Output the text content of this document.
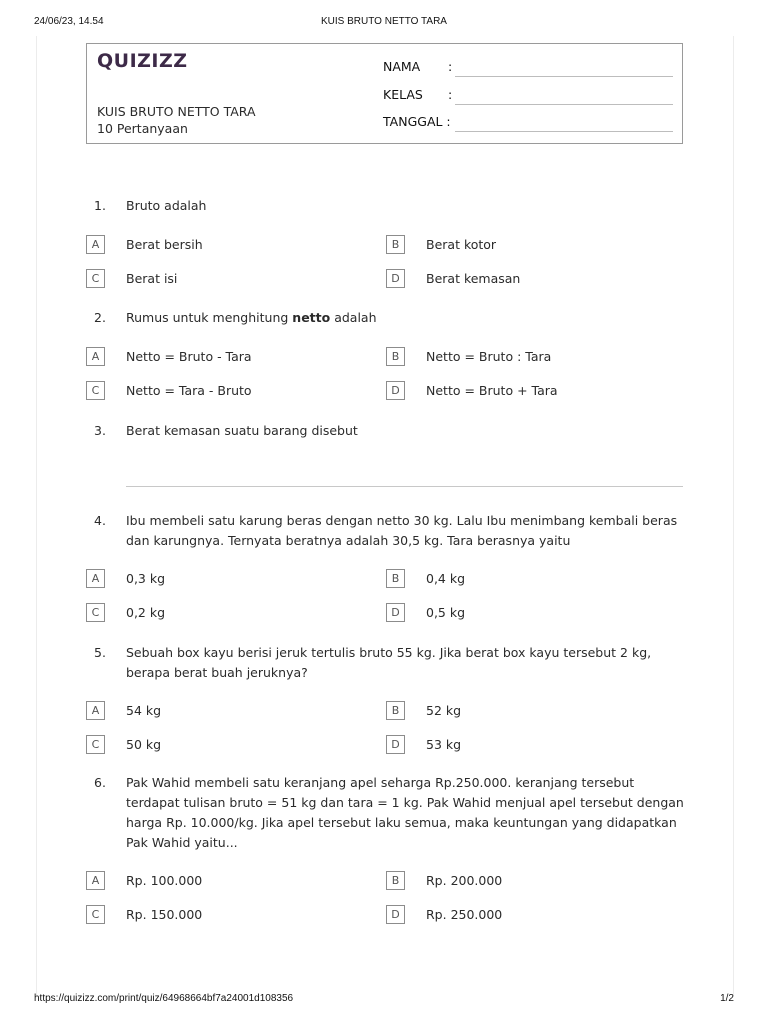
24/06/23, 14.54	KUIS BRUTO NETTO TARA
QUIZIZZ
KUIS BRUTO NETTO TARA
10 Pertanyaan
NAMA :
KELAS :
TANGGAL :
1. Bruto adalah
A	Berat bersih	B	Berat kotor
C	Berat isi	D	Berat kemasan
2. Rumus untuk menghitung netto adalah
A	Netto = Bruto - Tara	B	Netto = Bruto : Tara
C	Netto = Tara - Bruto	D	Netto = Bruto + Tara
3. Berat kemasan suatu barang disebut
4. Ibu membeli satu karung beras dengan netto 30 kg. Lalu Ibu menimbang kembali beras dan karungnya. Ternyata beratnya adalah 30,5 kg. Tara berasnya yaitu
A	0,3 kg	B	0,4 kg
C	0,2 kg	D	0,5 kg
5. Sebuah box kayu berisi jeruk tertulis bruto 55 kg. Jika berat box kayu tersebut 2 kg, berapa berat buah jeruknya?
A	54 kg	B	52 kg
C	50 kg	D	53 kg
6. Pak Wahid membeli satu keranjang apel seharga Rp.250.000. keranjang tersebut terdapat tulisan bruto = 51 kg dan tara = 1 kg. Pak Wahid menjual apel tersebut dengan harga Rp. 10.000/kg. Jika apel tersebut laku semua, maka keuntungan yang didapatkan Pak Wahid yaitu...
A	Rp. 100.000	B	Rp. 200.000
C	Rp. 150.000	D	Rp. 250.000
https://quizizz.com/print/quiz/64968664bf7a24001d108356	1/2
